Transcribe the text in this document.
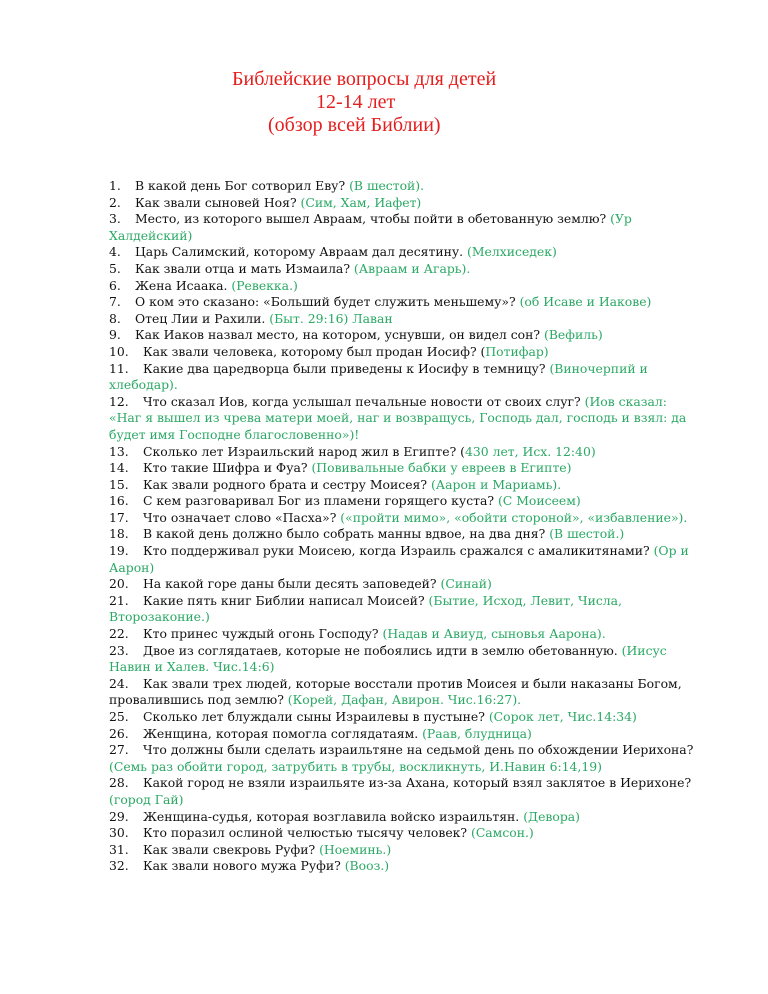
Библейские вопросы для детей
12-14 лет
(обзор всей Библии)
1. В какой день Бог сотворил Еву? (В шестой).
2. Как звали сыновей Ноя? (Сим, Хам, Иафет)
3. Место, из которого вышел Авраам, чтобы пойти в обетованную землю? (Ур Халдейский)
4. Царь Салимский, которому Авраам дал десятину. (Мелхиседек)
5. Как звали отца и мать Измаила? (Авраам и Агарь).
6. Жена Исаака. (Ревекка.)
7. О ком это сказано: «Больший будет служить меньшему»? (об Исаве и Иакове)
8. Отец Лии и Рахили. (Быт. 29:16) Лаван
9. Как Иаков назвал место, на котором, уснувши, он видел сон? (Вефиль)
10. Как звали человека, которому был продан Иосиф? (Потифар)
11. Какие два царедворца были приведены к Иосифу в темницу? (Виночерпий и хлебодар).
12. Что сказал Иов, когда услышал печальные новости от своих слуг? (Иов сказал: «Наг я вышел из чрева матери моей, наг и возвращусь, Господь дал, господь и взял: да будет имя Господне благословенно»)!
13. Сколько лет Израильский народ жил в Египте? (430 лет, Исх. 12:40)
14. Кто такие Шифра и Фуа? (Повивальные бабки у евреев в Египте)
15. Как звали родного брата и сестру Моисея? (Аарон и Мариамь).
16. С кем разговаривал Бог из пламени горящего куста? (С Моисеем)
17. Что означает слово «Пасха»? («пройти мимо», «обойти стороной», «избавление»).
18. В какой день должно было собрать манны вдвое, на два дня? (В шестой.)
19. Кто поддерживал руки Моисею, когда Израиль сражался с амаликитянами? (Ор и Аарон)
20. На какой горе даны были десять заповедей? (Синай)
21. Какие пять книг Библии написал Моисей? (Бытие, Исход, Левит, Числа, Второзаконие.)
22. Кто принес чуждый огонь Господу? (Надав и Авиуд, сыновья Аарона).
23. Двое из соглядатаев, которые не побоялись идти в землю обетованную. (Иисус Навин и Халев. Чис.14:6)
24. Как звали трех людей, которые восстали против Моисея и были наказаны Богом, провалившись под землю? (Корей, Дафан, Авирон. Чис.16:27).
25. Сколько лет блуждали сыны Израилевы в пустыне? (Сорок лет, Чис.14:34)
26. Женщина, которая помогла соглядатаям. (Раав, блудница)
27. Что должны были сделать израильтяне на седьмой день по обхождении Иерихона? (Семь раз обойти город, затрубить в трубы, воскликнуть, И.Навин 6:14,19)
28. Какой город не взяли израильяте из-за Ахана, который взял заклятое в Иерихоне? (город Гай)
29. Женщина-судья, которая возглавила войско израильтян. (Девора)
30. Кто поразил ослиной челюстью тысячу человек? (Самсон.)
31. Как звали свекровь Руфи? (Ноеминь.)
32. Как звали нового мужа Руфи? (Вооз.)
